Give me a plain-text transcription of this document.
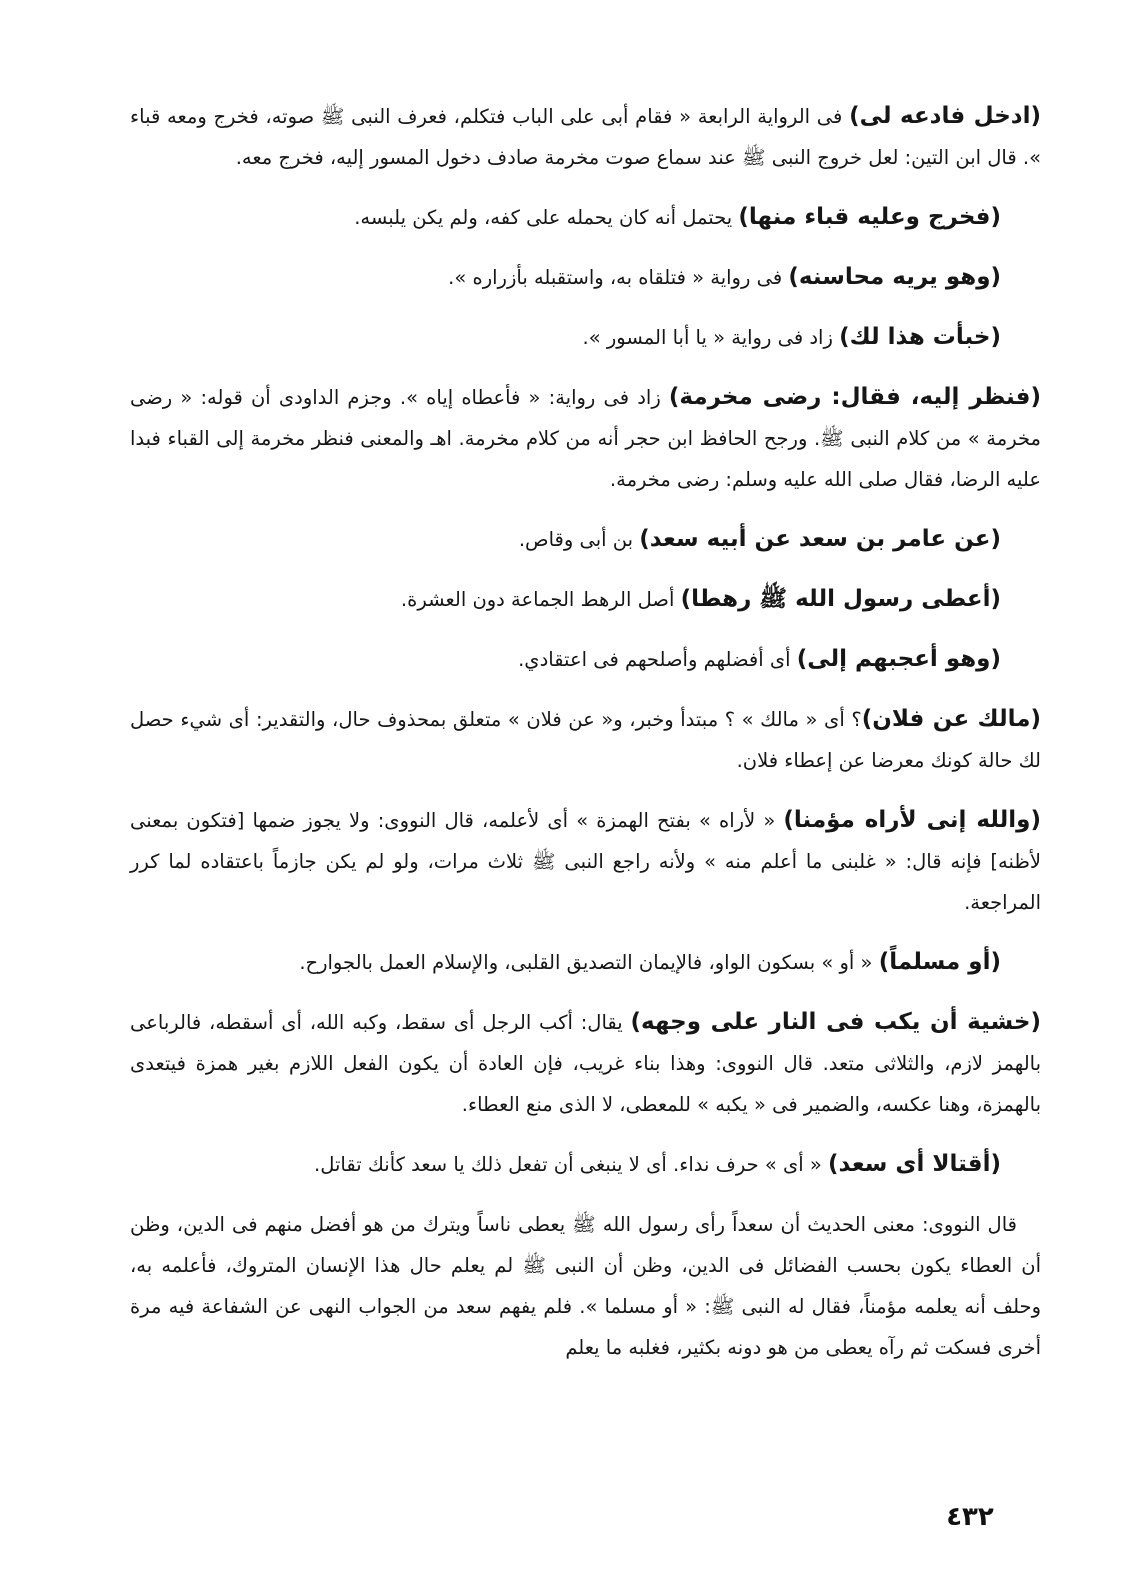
(ادخل فادعه لى) فى الرواية الرابعة « فقام أبى على الباب فتكلم، فعرف النبى ﷺ صوته، فخرج ومعه قباء ». قال ابن التين: لعل خروج النبى ﷺ عند سماع صوت مخرمة صادف دخول المسور إليه، فخرج معه.

(فخرج وعليه قباء منها) يحتمل أنه كان يحمله على كفه، ولم يكن يلبسه.

(وهو يريه محاسنه) فى رواية « فتلقاه به، واستقبله بأزراره ».

(خبأت هذا لك) زاد فى رواية « يا أبا المسور ».

(فنظر إليه، فقال: رضى مخرمة) زاد فى رواية: « فأعطاه إياه ». وجزم الداودى أن قوله: « رضى مخرمة » من كلام النبى ﷺ. ورجح الحافظ ابن حجر أنه من كلام مخرمة. اهـ والمعنى فنظر مخرمة إلى القباء فبدا عليه الرضا، فقال صلى الله عليه وسلم: رضى مخرمة.

(عن عامر بن سعد عن أبيه سعد) بن أبى وقاص.

(أعطى رسول الله ﷺ رهطا) أصل الرهط الجماعة دون العشرة.

(وهو أعجبهم إلى) أى أفضلهم وأصلحهم فى اعتقادي.

(مالك عن فلان)؟ أى « مالك » ؟ مبتدأ وخبر، و« عن فلان » متعلق بمحذوف حال، والتقدير: أى شيء حصل لك حالة كونك معرضا عن إعطاء فلان.

(والله إنى لأراه مؤمنا) « لأراه » بفتح الهمزة » أى لأعلمه، قال النووى: ولا يجوز ضمها [فتكون بمعنى لأظنه] فإنه قال: « غلبنى ما أعلم منه » ولأنه راجع النبى ﷺ ثلاث مرات، ولو لم يكن جازماً باعتقاده لما كرر المراجعة.

(أو مسلماً) « أو » بسكون الواو، فالإيمان التصديق القلبى، والإسلام العمل بالجوارح.

(خشية أن يكب فى النار على وجهه) يقال: أكب الرجل أى سقط، وكبه الله، أى أسقطه، فالرباعى بالهمز لازم، والثلاثى متعد. قال النووى: وهذا بناء غريب، فإن العادة أن يكون الفعل اللازم بغير همزة فيتعدى بالهمزة، وهنا عكسه، والضمير فى « يكبه » للمعطى، لا الذى منع العطاء.

(أقتالا أى سعد) « أى » حرف نداء. أى لا ينبغى أن تفعل ذلك يا سعد كأنك تقاتل.

قال النووى: معنى الحديث أن سعداً رأى رسول الله ﷺ يعطى ناساً ويترك من هو أفضل منهم فى الدين، وظن أن العطاء يكون بحسب الفضائل فى الدين، وظن أن النبى ﷺ لم يعلم حال هذا الإنسان المتروك، فأعلمه به، وحلف أنه يعلمه مؤمناً، فقال له النبى ﷺ: « أو مسلما ». فلم يفهم سعد من الجواب النهى عن الشفاعة فيه مرة أخرى فسكت ثم رآه يعطى من هو دونه بكثير، فغلبه ما يعلم

٤٣٢
